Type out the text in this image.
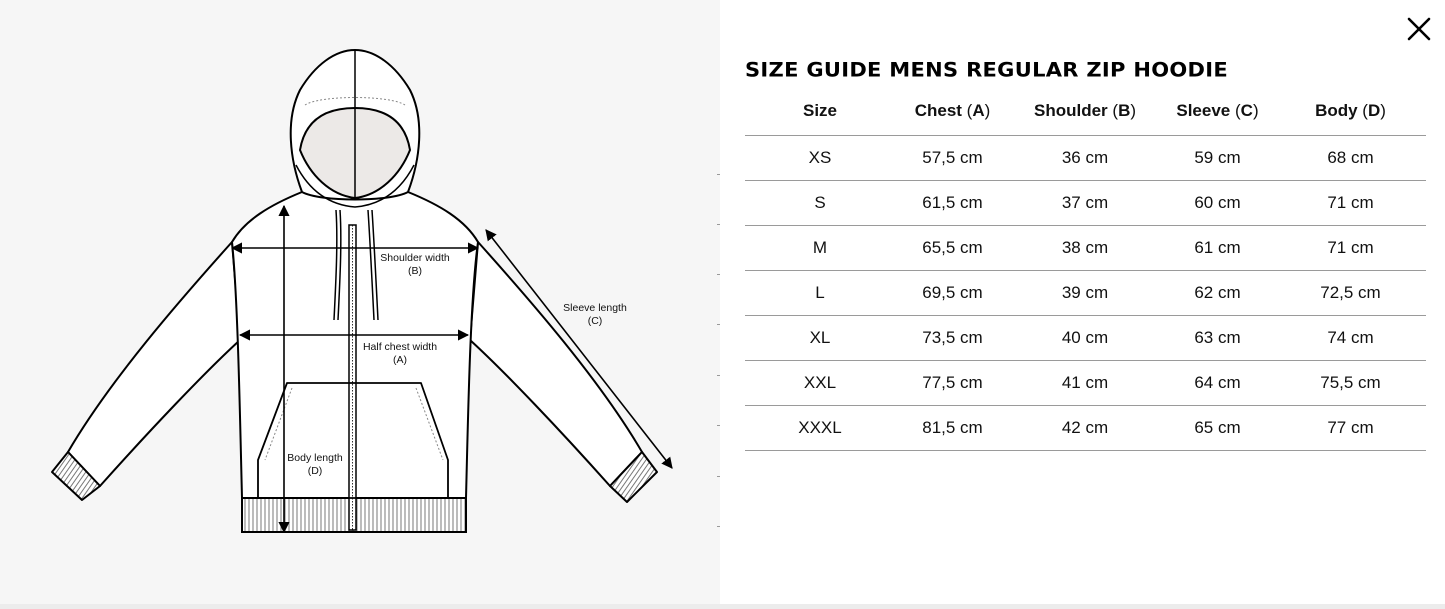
Shoulder width
(B)
Half chest width
(A)
Sleeve length
(C)
Body length
(D)
SIZE GUIDE MENS REGULAR ZIP HOODIE
Size	Chest (A)	Shoulder (B)	Sleeve (C)	Body (D)
XS	57,5 cm	36 cm	59 cm	68 cm
S	61,5 cm	37 cm	60 cm	71 cm
M	65,5 cm	38 cm	61 cm	71 cm
L	69,5 cm	39 cm	62 cm	72,5 cm
XL	73,5 cm	40 cm	63 cm	74 cm
XXL	77,5 cm	41 cm	64 cm	75,5 cm
XXXL	81,5 cm	42 cm	65 cm	77 cm
